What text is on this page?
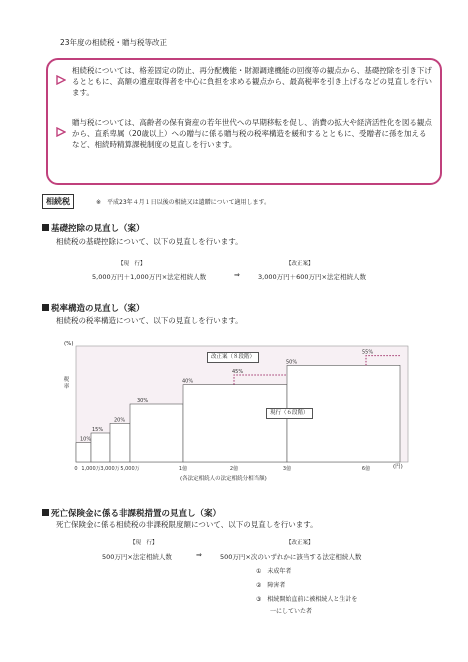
23年度の相続税・贈与税等改正
相続税については、格差固定の防止、再分配機能・財源調達機能の回復等の観点から、基礎控除を引き下げるとともに、高額の遺産取得者を中心に負担を求める観点から、最高税率を引き上げるなどの見直しを行います。
贈与税については、高齢者の保有資産の若年世代への早期移転を促し、消費の拡大や経済活性化を図る観点から、直系卑属（20歳以上）への贈与に係る贈与税の税率構造を緩和するとともに、受贈者に孫を加えるなど、相続時精算課税制度の見直しを行います。
相続税	※　平成23年４月１日以後の相続又は遺贈について適用します。
基礎控除の見直し（案）
相続税の基礎控除について、以下の見直しを行います。
【現　行】	【改正案】
5,000万円＋1,000万円×法定相続人数	⇒	3,000万円＋600万円×法定相続人数
税率構造の見直し（案）
相続税の税率構造について、以下の見直しを行います。
(%)
税率
10%
15%
20%
30%
40%
45%
50%
55%
0 1,000万 3,000万 5,000万	1億	2億	3億	6億
改正案（８段階）
現行（６段階）
(円)
(各法定相続人の法定相続分相当額)
死亡保険金に係る非課税措置の見直し（案）
死亡保険金に係る相続税の非課税限度額について、以下の見直しを行います。
【現　行】	【改正案】
500万円×法定相続人数	⇒	500万円×次のいずれかに該当する法定相続人数
①　未成年者
②　障害者
③　相続開始直前に被相続人と生計を
一にしていた者
